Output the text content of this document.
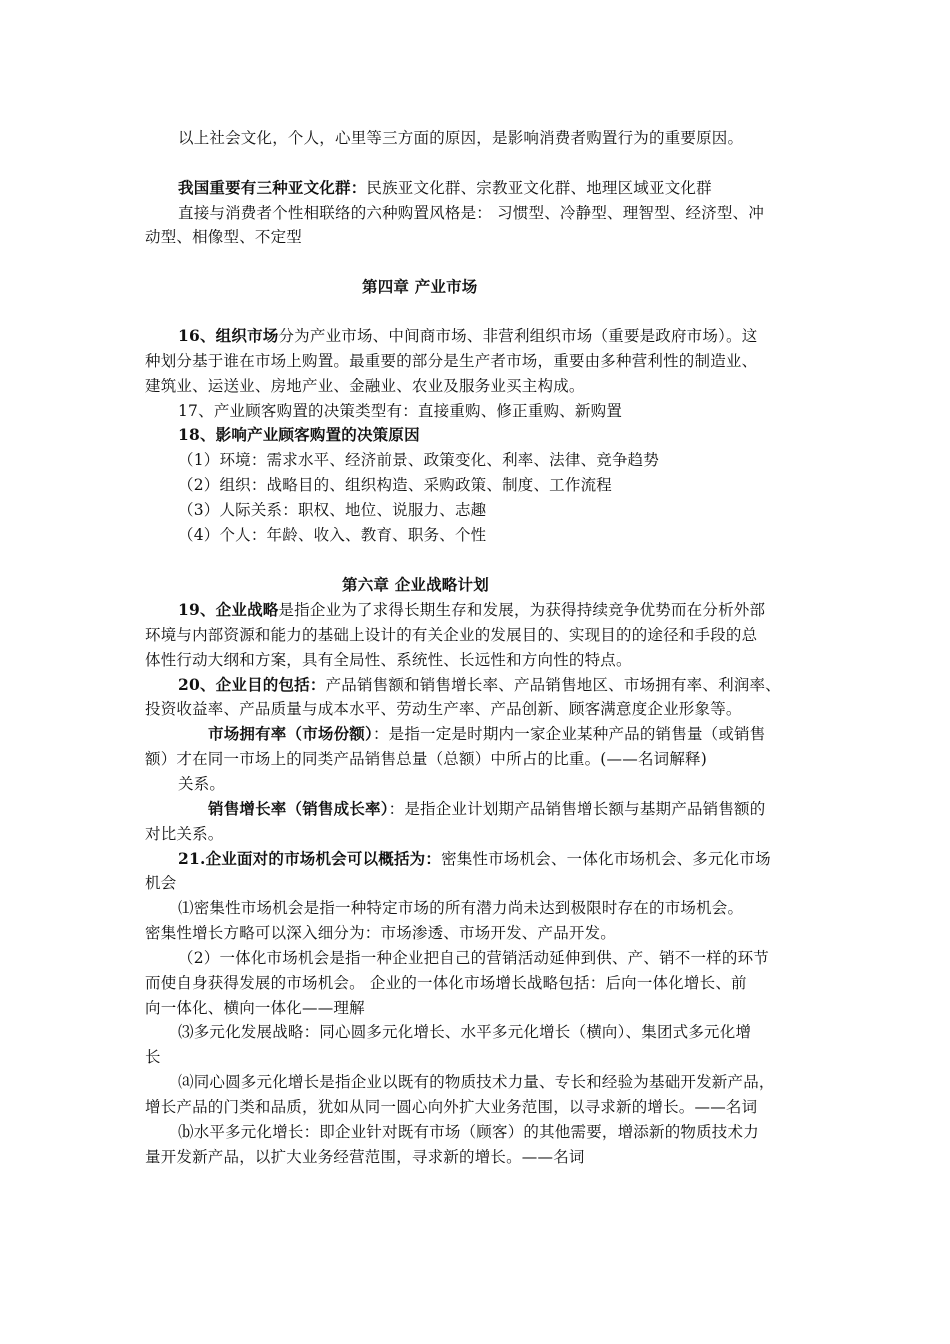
以上社会文化，个人，心里等三方面的原因，是影响消费者购置行为的重要原因。
我国重要有三种亚文化群：民族亚文化群、宗教亚文化群、地理区域亚文化群
直接与消费者个性相联络的六种购置风格是： 习惯型、冷静型、理智型、经济型、冲
动型、相像型、不定型
第四章 产业市场
16、组织市场分为产业市场、中间商市场、非营利组织市场（重要是政府市场）。这
种划分基于谁在市场上购置。最重要的部分是生产者市场，重要由多种营利性的制造业、
建筑业、运送业、房地产业、金融业、农业及服务业买主构成。
17、产业顾客购置的决策类型有：直接重购、修正重购、新购置
18、影响产业顾客购置的决策原因
（1）环境：需求水平、经济前景、政策变化、利率、法律、竞争趋势
（2）组织：战略目的、组织构造、采购政策、制度、工作流程
（3）人际关系：职权、地位、说服力、志趣
（4）个人：年龄、收入、教育、职务、个性
第六章 企业战略计划
19、企业战略是指企业为了求得长期生存和发展，为获得持续竞争优势而在分析外部
环境与内部资源和能力的基础上设计的有关企业的发展目的、实现目的的途径和手段的总
体性行动大纲和方案，具有全局性、系统性、长远性和方向性的特点。
20、企业目的包括：产品销售额和销售增长率、产品销售地区、市场拥有率、利润率、
投资收益率、产品质量与成本水平、劳动生产率、产品创新、顾客满意度企业形象等。
市场拥有率（市场份额）：是指一定是时期内一家企业某种产品的销售量（或销售
额）才在同一市场上的同类产品销售总量（总额）中所占的比重。(——名词解释)
关系。
销售增长率（销售成长率）：是指企业计划期产品销售增长额与基期产品销售额的
对比关系。
21.企业面对的市场机会可以概括为：密集性市场机会、一体化市场机会、多元化市场
机会
⑴密集性市场机会是指一种特定市场的所有潜力尚未达到极限时存在的市场机会。
密集性增长方略可以深入细分为：市场渗透、市场开发、产品开发。
（2）一体化市场机会是指一种企业把自己的营销活动延伸到供、产、销不一样的环节
而使自身获得发展的市场机会。 企业的一体化市场增长战略包括：后向一体化增长、前
向一体化、横向一体化——理解
⑶多元化发展战略：同心圆多元化增长、水平多元化增长（横向）、集团式多元化增
长
⒜同心圆多元化增长是指企业以既有的物质技术力量、专长和经验为基础开发新产品，
增长产品的门类和品质，犹如从同一圆心向外扩大业务范围，以寻求新的增长。——名词
⒝水平多元化增长：即企业针对既有市场（顾客）的其他需要，增添新的物质技术力
量开发新产品，以扩大业务经营范围，寻求新的增长。——名词
